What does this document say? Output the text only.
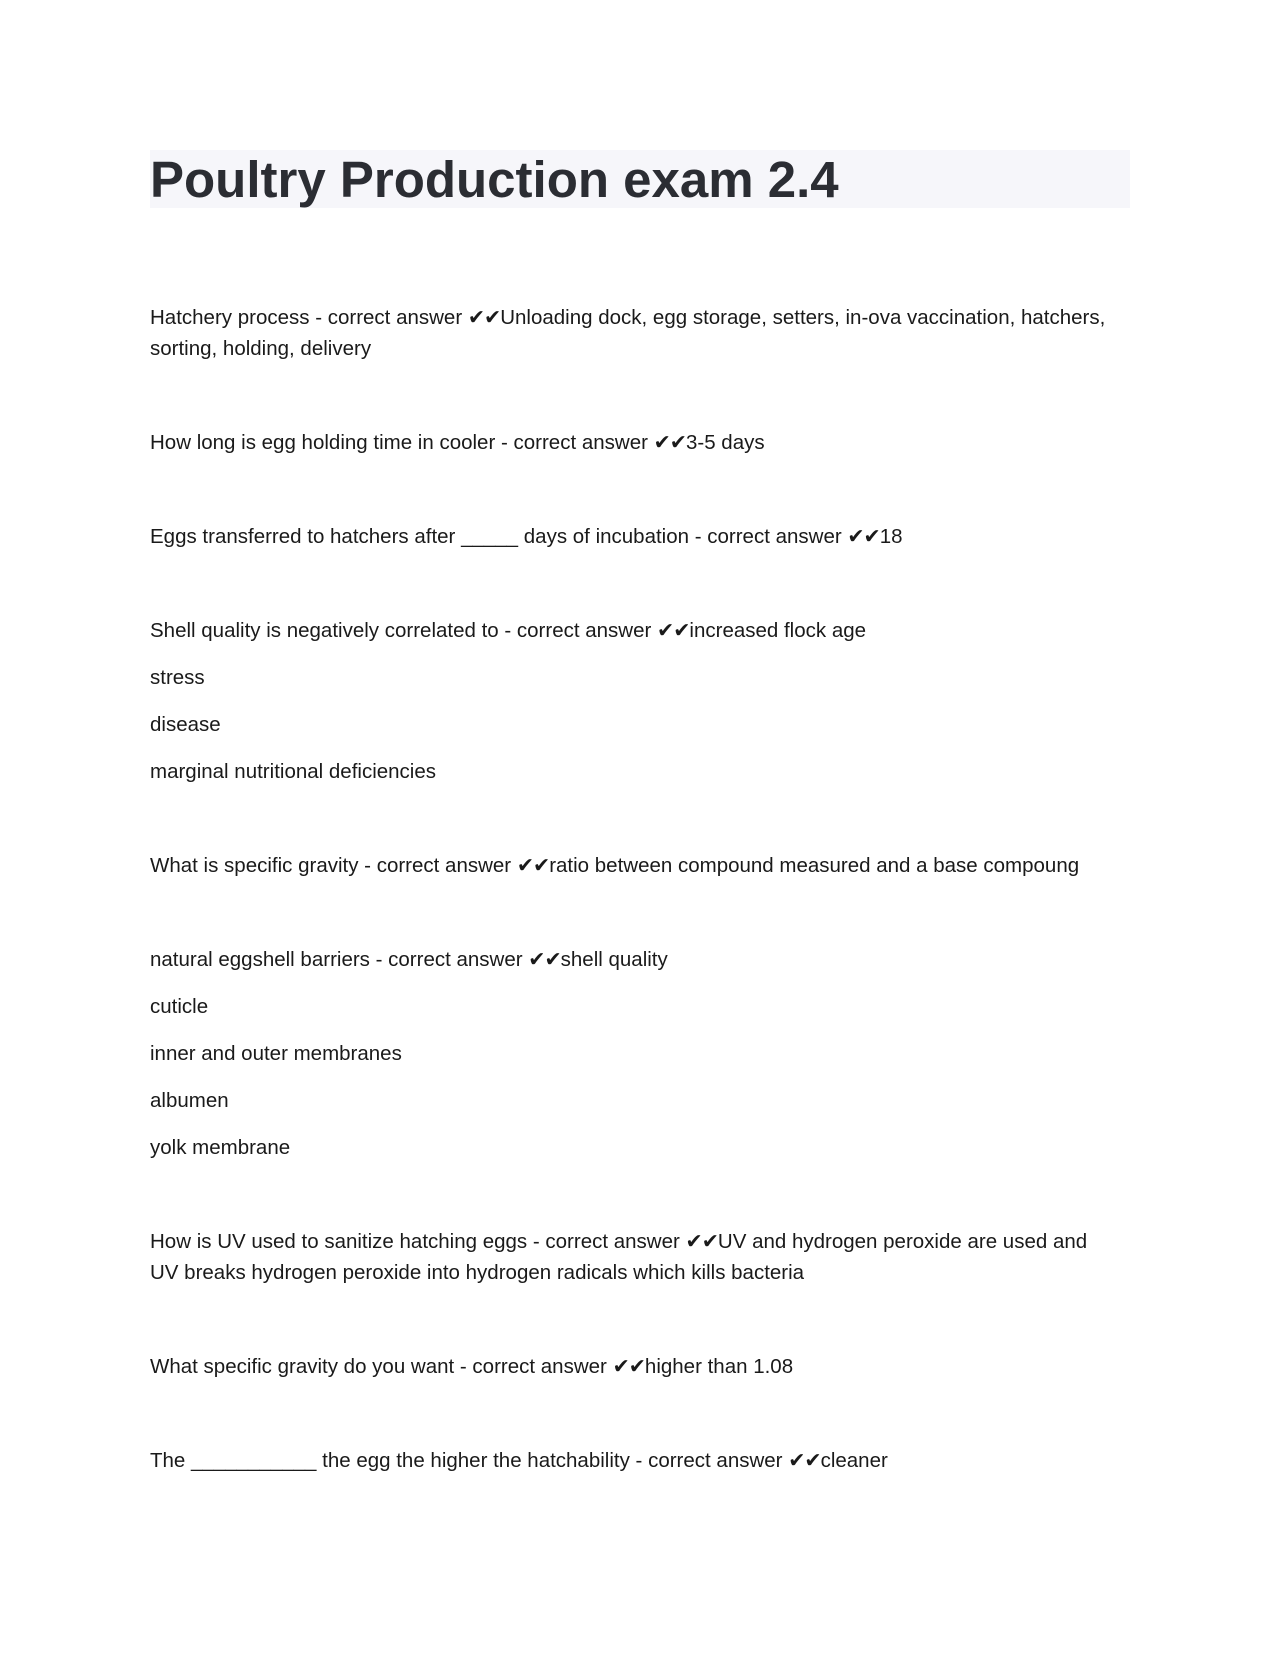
Poultry Production exam 2.4
Hatchery process - correct answer ✔✔Unloading dock, egg storage, setters, in-ova vaccination, hatchers,
sorting, holding, delivery
How long is egg holding time in cooler - correct answer ✔✔3-5 days
Eggs transferred to hatchers after _____ days of incubation - correct answer ✔✔18
Shell quality is negatively correlated to - correct answer ✔✔increased flock age
stress
disease
marginal nutritional deficiencies
What is specific gravity - correct answer ✔✔ratio between compound measured and a base compoung
natural eggshell barriers - correct answer ✔✔shell quality
cuticle
inner and outer membranes
albumen
yolk membrane
How is UV used to sanitize hatching eggs - correct answer ✔✔UV and hydrogen peroxide are used and
UV breaks hydrogen peroxide into hydrogen radicals which kills bacteria
What specific gravity do you want - correct answer ✔✔higher than 1.08
The ___________ the egg the higher the hatchability - correct answer ✔✔cleaner
